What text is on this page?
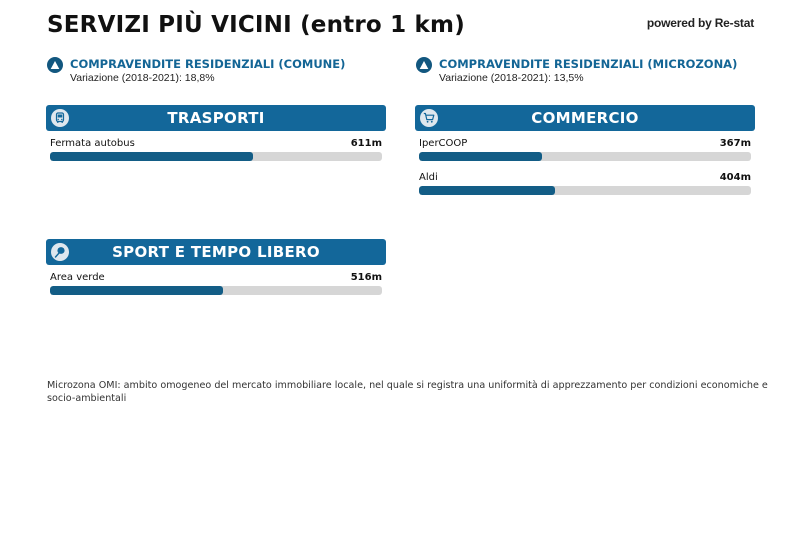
SERVIZI PIÙ VICINI (entro 1 km)	powered by Re-stat
COMPRAVENDITE RESIDENZIALI (COMUNE)
Variazione (2018-2021): 18,8%
COMPRAVENDITE RESIDENZIALI (MICROZONA)
Variazione (2018-2021): 13,5%
TRASPORTI
Fermata autobus	611m
COMMERCIO
IperCOOP	367m
Aldi	404m
SPORT E TEMPO LIBERO
Area verde	516m
Microzona OMI: ambito omogeneo del mercato immobiliare locale, nel quale si registra una uniformità di apprezzamento per condizioni economiche e socio-ambientali
